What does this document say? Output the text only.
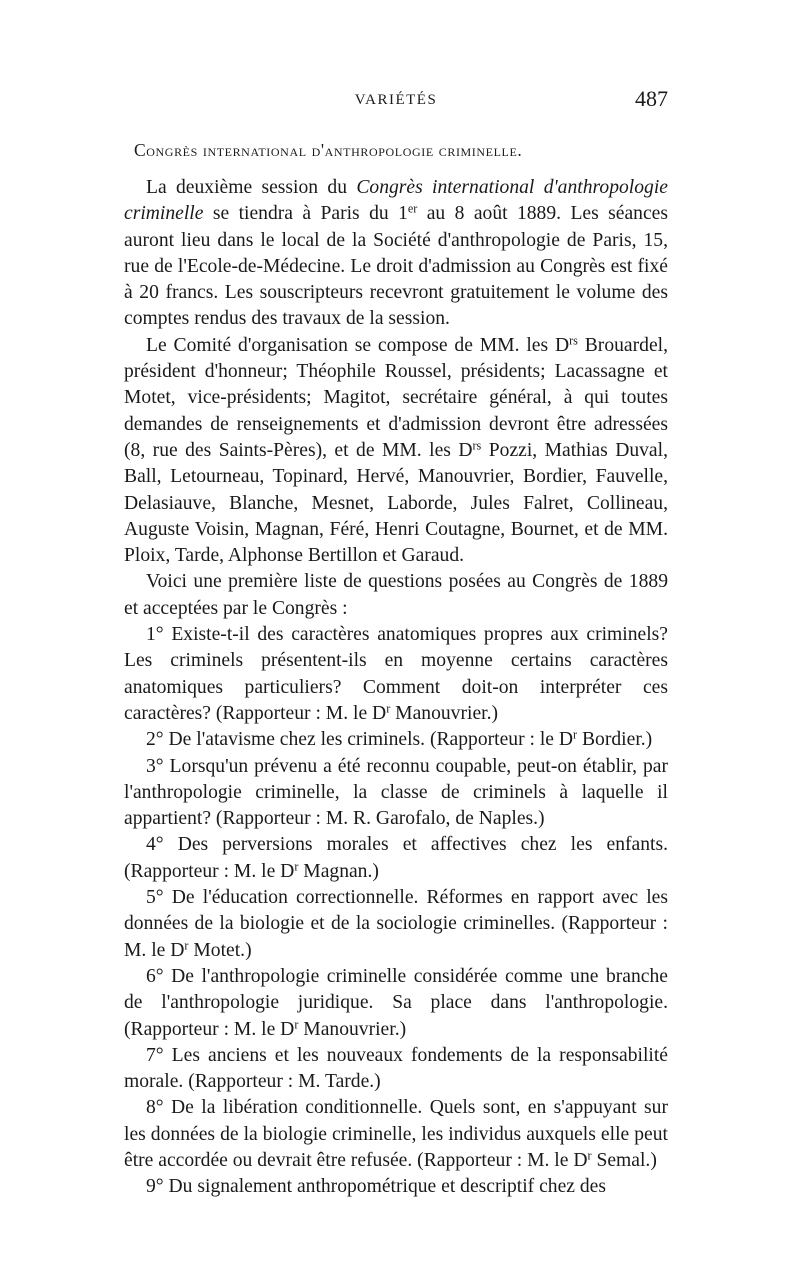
VARIÉTÉS	487
Congrès international d'anthropologie criminelle.

La deuxième session du Congrès international d'anthropologie criminelle se tiendra à Paris du 1er au 8 août 1889. Les séances auront lieu dans le local de la Société d'anthropologie de Paris, 15, rue de l'Ecole-de-Médecine. Le droit d'admission au Congrès est fixé à 20 francs. Les souscripteurs recevront gratuitement le volume des comptes rendus des travaux de la session.

Le Comité d'organisation se compose de MM. les $D^{rs}$ Brouardel, président d'honneur; Théophile Roussel, présidents; Lacassagne et Motet, vice-présidents; Magitot, secrétaire général, à qui toutes demandes de renseignements et d'admission devront être adressées (8, rue des Saints-Pères), et de MM. les $D^{rs}$ Pozzi, Mathias Duval, Ball, Letourneau, Topinard, Hervé, Manouvrier, Bordier, Fauvelle, Delasiauve, Blanche, Mesnet, Laborde, Jules Falret, Collineau, Auguste Voisin, Magnan, Féré, Henri Coutagne, Bournet, et de MM. Ploix, Tarde, Alphonse Bertillon et Garaud.

Voici une première liste de questions posées au Congrès de 1889 et acceptées par le Congrès :

1° Existe-t-il des caractères anatomiques propres aux criminels? Les criminels présentent-ils en moyenne certains caractères anatomiques particuliers? Comment doit-on interpréter ces caractères? (Rapporteur : M. le $D^r$ Manouvrier.)

2° De l'atavisme chez les criminels. (Rapporteur : le $D^r$ Bordier.)

3° Lorsqu'un prévenu a été reconnu coupable, peut-on établir, par l'anthropologie criminelle, la classe de criminels à laquelle il appartient? (Rapporteur : M. R. Garofalo, de Naples.)

4° Des perversions morales et affectives chez les enfants. (Rapporteur : M. le $D^r$ Magnan.)

5° De l'éducation correctionnelle. Réformes en rapport avec les données de la biologie et de la sociologie criminelles. (Rapporteur : M. le $D^r$ Motet.)

6° De l'anthropologie criminelle considérée comme une branche de l'anthropologie juridique. Sa place dans l'anthropologie. (Rapporteur : M. le $D^r$ Manouvrier.)

7° Les anciens et les nouveaux fondements de la responsabilité morale. (Rapporteur : M. Tarde.)

8° De la libération conditionnelle. Quels sont, en s'appuyant sur les données de la biologie criminelle, les individus auxquels elle peut être accordée ou devrait être refusée. (Rapporteur : M. le $D^r$ Semal.)

9° Du signalement anthropométrique et descriptif chez des
